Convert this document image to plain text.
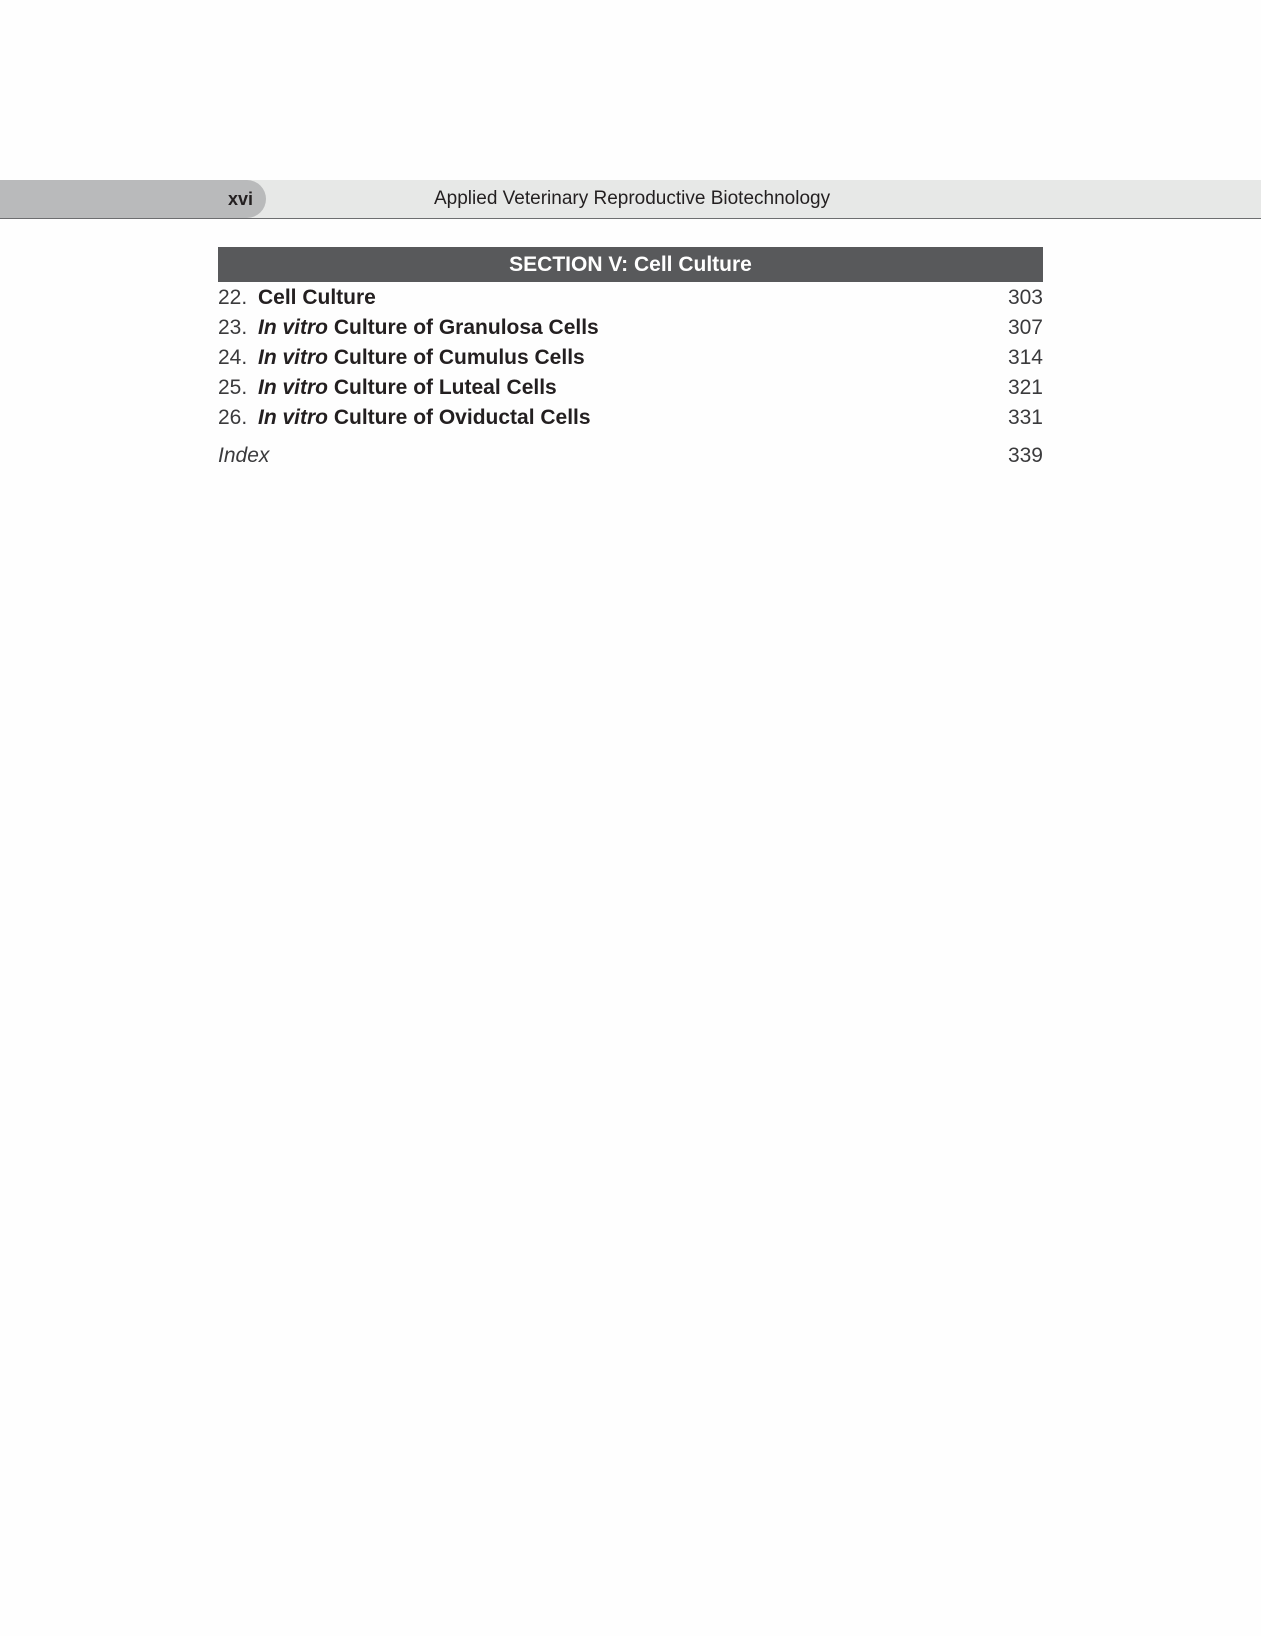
xvi	Applied Veterinary Reproductive Biotechnology
SECTION V: Cell Culture
22. Cell Culture	303
23. In vitro Culture of Granulosa Cells	307
24. In vitro Culture of Cumulus Cells	314
25. In vitro Culture of Luteal Cells	321
26. In vitro Culture of Oviductal Cells	331
Index	339
